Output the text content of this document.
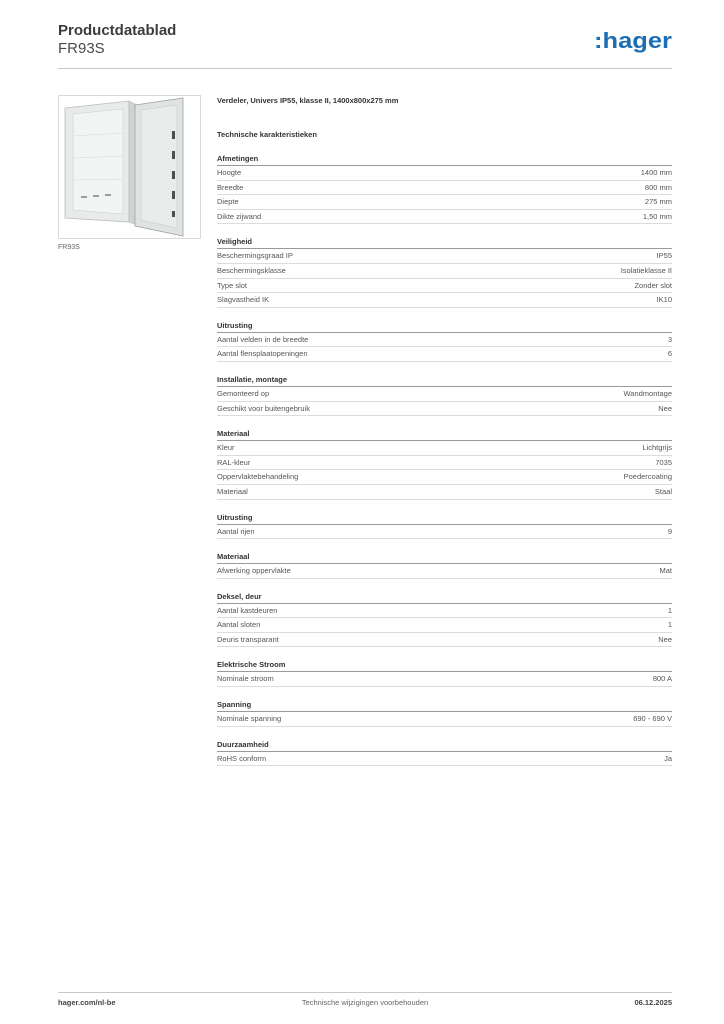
Productdatablad
FR93S	:hager
FR93S
Verdeler, Univers IP55, klasse II, 1400x800x275 mm
Technische karakteristieken
Afmetingen
Hoogte	1400 mm
Breedte	800 mm
Diepte	275 mm
Dikte zijwand	1,50 mm
Veiligheid
Beschermingsgraad IP	IP55
Beschermingsklasse	Isolatieklasse II
Type slot	Zonder slot
Slagvastheid IK	IK10
Uitrusting
Aantal velden in de breedte	3
Aantal flensplaatopeningen	6
Installatie, montage
Gemonteerd op	Wandmontage
Geschikt voor buitengebruik	Nee
Materiaal
Kleur	Lichtgrijs
RAL-kleur	7035
Oppervlaktebehandeling	Poedercoating
Materiaal	Staal
Uitrusting
Aantal rijen	9
Materiaal
Afwerking oppervlakte	Mat
Deksel, deur
Aantal kastdeuren	1
Aantal sloten	1
Deuris transparant	Nee
Elektrische Stroom
Nominale stroom	800 A
Spanning
Nominale spanning	690 - 690 V
Duurzaamheid
RoHS conform	Ja
hager.com/nl-be	Technische wijzigingen voorbehouden	06.12.2025
